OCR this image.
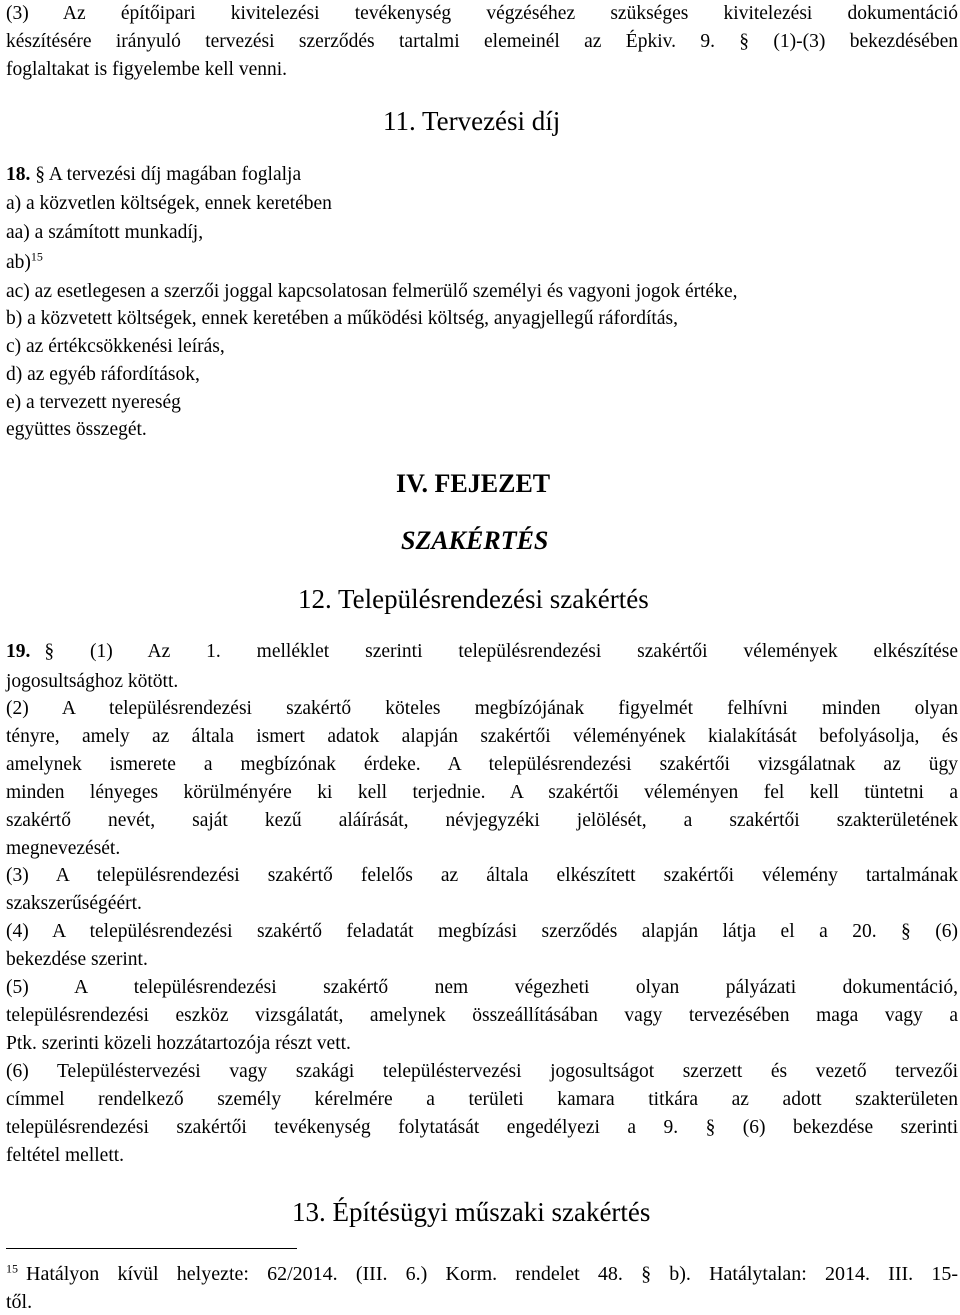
(3) Az építőipari kivitelezési tevékenység végzéséhez szükséges kivitelezési dokumentáció
készítésére irányuló tervezési szerződés tartalmi elemeinél az Épkiv. 9. § (1)-(3) bekezdésében
foglaltakat is figyelembe kell venni.
11. Tervezési díj
18. § A tervezési díj magában foglalja
a) a közvetlen költségek, ennek keretében
aa) a számított munkadíj,
ab)$^{15}$
ac) az esetlegesen a szerzői joggal kapcsolatosan felmerülő személyi és vagyoni jogok értéke,
b) a közvetett költségek, ennek keretében a működési költség, anyagjellegű ráfordítás,
c) az értékcsökkenési leírás,
d) az egyéb ráfordítások,
e) a tervezett nyereség
együttes összegét.
IV. FEJEZET
SZAKÉRTÉS
12. Településrendezési szakértés
19. § (1) Az 1. melléklet szerinti településrendezési szakértői vélemények elkészítése
jogosultsághoz kötött.
(2) A településrendezési szakértő köteles megbízójának figyelmét felhívni minden olyan
tényre, amely az általa ismert adatok alapján szakértői véleményének kialakítását befolyásolja, és
amelynek ismerete a megbízónak érdeke. A településrendezési szakértői vizsgálatnak az ügy
minden lényeges körülményére ki kell terjednie. A szakértői véleményen fel kell tüntetni a
szakértő nevét, saját kezű aláírását, névjegyzéki jelölését, a szakértői szakterületének
megnevezését.
(3) A településrendezési szakértő felelős az általa elkészített szakértői vélemény tartalmának
szakszerűségéért.
(4) A településrendezési szakértő feladatát megbízási szerződés alapján látja el a 20. § (6)
bekezdése szerint.
(5) A településrendezési szakértő nem végezheti olyan pályázati dokumentáció,
településrendezési eszköz vizsgálatát, amelynek összeállításában vagy tervezésében maga vagy a
Ptk. szerinti közeli hozzátartozója részt vett.
(6) Településtervezési vagy szakági településtervezési jogosultságot szerzett és vezető tervezői
címmel rendelkező személy kérelmére a területi kamara titkára az adott szakterületen
településrendezési szakértői tevékenység folytatását engedélyezi a 9. § (6) bekezdése szerinti
feltétel mellett.
13. Építésügyi műszaki szakértés
$^{15}$ Hatályon kívül helyezte: 62/2014. (III. 6.) Korm. rendelet 48. § b). Hatálytalan: 2014. III. 15-
től.
